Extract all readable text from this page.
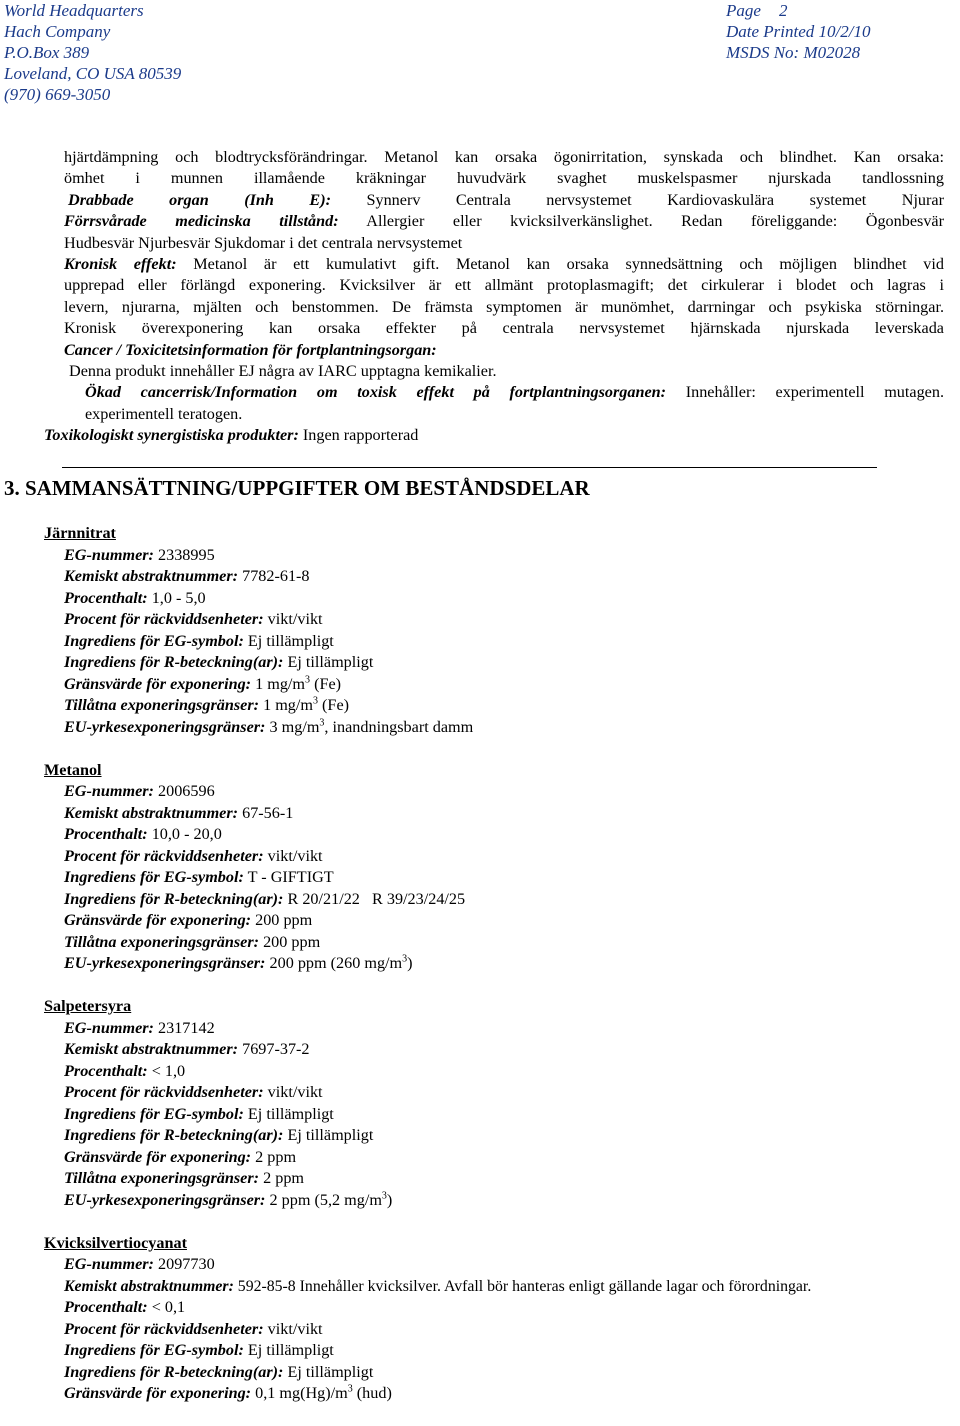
World Headquarters
Hach Company
P.O.Box 389
Loveland, CO USA 80539
(970) 669-3050
Page 2
Date Printed 10/2/10
MSDS No: M02028

hjärtdämpning och blodtrycksförändringar. Metanol kan orsaka ögonirritation, synskada och blindhet. Kan orsaka:

ömhet i munnen illamående kräkningar huvudvärk svaghet muskelspasmer njurskada tandlossning

Drabbade organ (Inh E): Synnerv Centrala nervsystemet Kardiovaskulära systemet Njurar

Förrsvårade medicinska tillstånd: Allergier eller kvicksilverkänslighet. Redan föreliggande: Ögonbesvär

Hudbesvär Njurbesvär Sjukdomar i det centrala nervsystemet

Kronisk effekt: Metanol är ett kumulativt gift. Metanol kan orsaka synnedsättning och möjligen blindhet vid

upprepad eller förlängd exponering. Kvicksilver är ett allmänt protoplasmagift; det cirkulerar i blodet och lagras i

levern, njurarna, mjälten och benstommen. De främsta symptomen är munömhet, darrningar och psykiska störningar.

Kronisk överexponering kan orsaka effekter på centrala nervsystemet hjärnskada njurskada leverskada

Cancer / Toxicitetsinformation för fortplantningsorgan:

Denna produkt innehåller EJ några av IARC upptagna kemikalier.

Ökad cancerrisk/Information om toxisk effekt på fortplantningsorganen: Innehåller: experimentell mutagen.

experimentell teratogen.

Toxikologiskt synergistiska produkter: Ingen rapporterad

3. SAMMANSÄTTNING/UPPGIFTER OM BESTÅNDSDELAR
Järnnitrat
EG-nummer: 2338995
Kemiskt abstraktnummer: 7782-61-8
Procenthalt: 1,0 - 5,0
Procent för räckviddsenheter: vikt/vikt
Ingrediens för EG-symbol: Ej tillämpligt
Ingrediens för R-beteckning(ar): Ej tillämpligt
Gränsvärde för exponering: 1 $mg/m^3$ (Fe)
Tillåtna exponeringsgränser: 1 $mg/m^3$ (Fe)
EU-yrkesexponeringsgränser: 3 $mg/m^3$, inandningsbart damm
Metanol
EG-nummer: 2006596
Kemiskt abstraktnummer: 67-56-1
Procenthalt: 10,0 - 20,0
Procent för räckviddsenheter: vikt/vikt
Ingrediens för EG-symbol: T - GIFTIGT
Ingrediens för R-beteckning(ar): R 20/21/22   R 39/23/24/25
Gränsvärde för exponering: 200 ppm
Tillåtna exponeringsgränser: 200 ppm
EU-yrkesexponeringsgränser: 200 ppm (260 $mg/m^3$)
Salpetersyra
EG-nummer: 2317142
Kemiskt abstraktnummer: 7697-37-2
Procenthalt: < 1,0
Procent för räckviddsenheter: vikt/vikt
Ingrediens för EG-symbol: Ej tillämpligt
Ingrediens för R-beteckning(ar): Ej tillämpligt
Gränsvärde för exponering: 2 ppm
Tillåtna exponeringsgränser: 2 ppm
EU-yrkesexponeringsgränser: 2 ppm (5,2 $mg/m^3$)
Kvicksilvertiocyanat
EG-nummer: 2097730
Kemiskt abstraktnummer: 592-85-8 Innehåller kvicksilver. Avfall bör hanteras enligt gällande lagar och förordningar.
Procenthalt: < 0,1
Procent för räckviddsenheter: vikt/vikt
Ingrediens för EG-symbol: Ej tillämpligt
Ingrediens för R-beteckning(ar): Ej tillämpligt
Gränsvärde för exponering: 0,1 $mg(Hg)/m^3$ (hud)
